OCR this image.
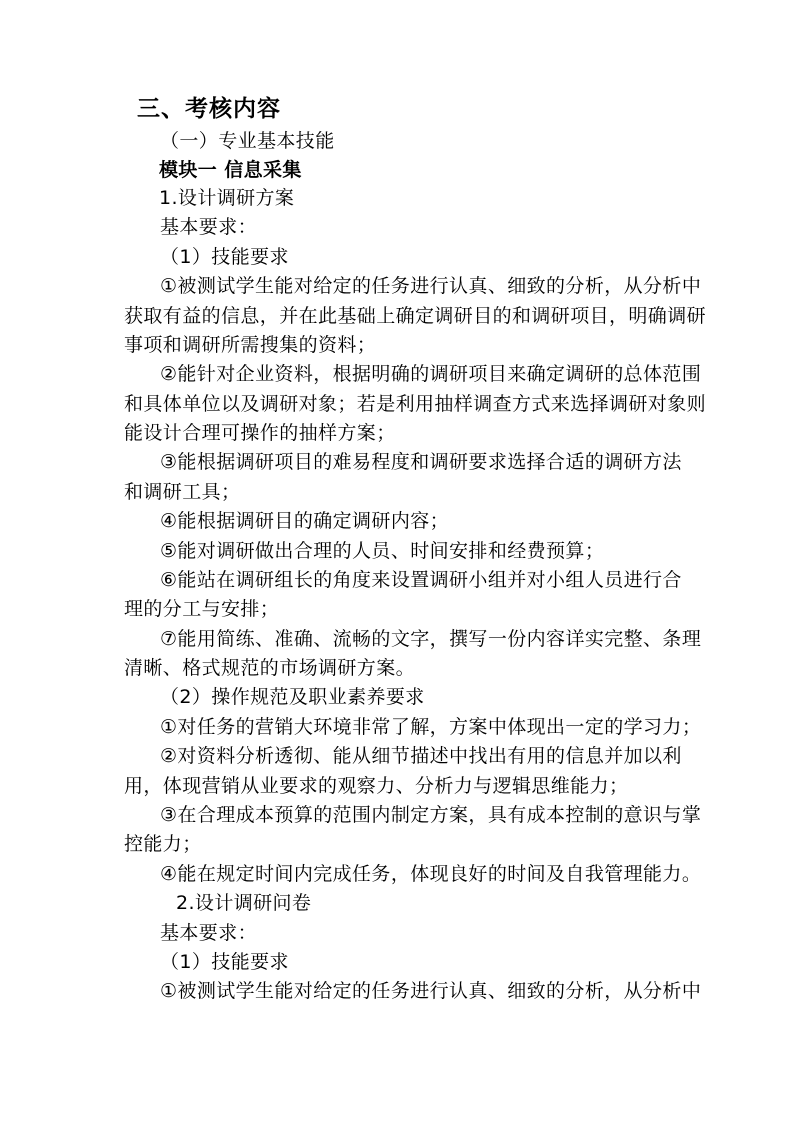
三、考核内容
（一）专业基本技能
模块一 信息采集
1.设计调研方案
基本要求：
（1）技能要求
①被测试学生能对给定的任务进行认真、细致的分析，从分析中
获取有益的信息，并在此基础上确定调研目的和调研项目，明确调研
事项和调研所需搜集的资料；
②能针对企业资料，根据明确的调研项目来确定调研的总体范围
和具体单位以及调研对象；若是利用抽样调查方式来选择调研对象则
能设计合理可操作的抽样方案；
③能根据调研项目的难易程度和调研要求选择合适的调研方法
和调研工具；
④能根据调研目的确定调研内容；
⑤能对调研做出合理的人员、时间安排和经费预算；
⑥能站在调研组长的角度来设置调研小组并对小组人员进行合
理的分工与安排；
⑦能用简练、准确、流畅的文字，撰写一份内容详实完整、条理
清晰、格式规范的市场调研方案。
（2）操作规范及职业素养要求
①对任务的营销大环境非常了解，方案中体现出一定的学习力；
②对资料分析透彻、能从细节描述中找出有用的信息并加以利
用，体现营销从业要求的观察力、分析力与逻辑思维能力；
③在合理成本预算的范围内制定方案，具有成本控制的意识与掌
控能力；
④能在规定时间内完成任务，体现良好的时间及自我管理能力。
2.设计调研问卷
基本要求：
（1）技能要求
①被测试学生能对给定的任务进行认真、细致的分析，从分析中
